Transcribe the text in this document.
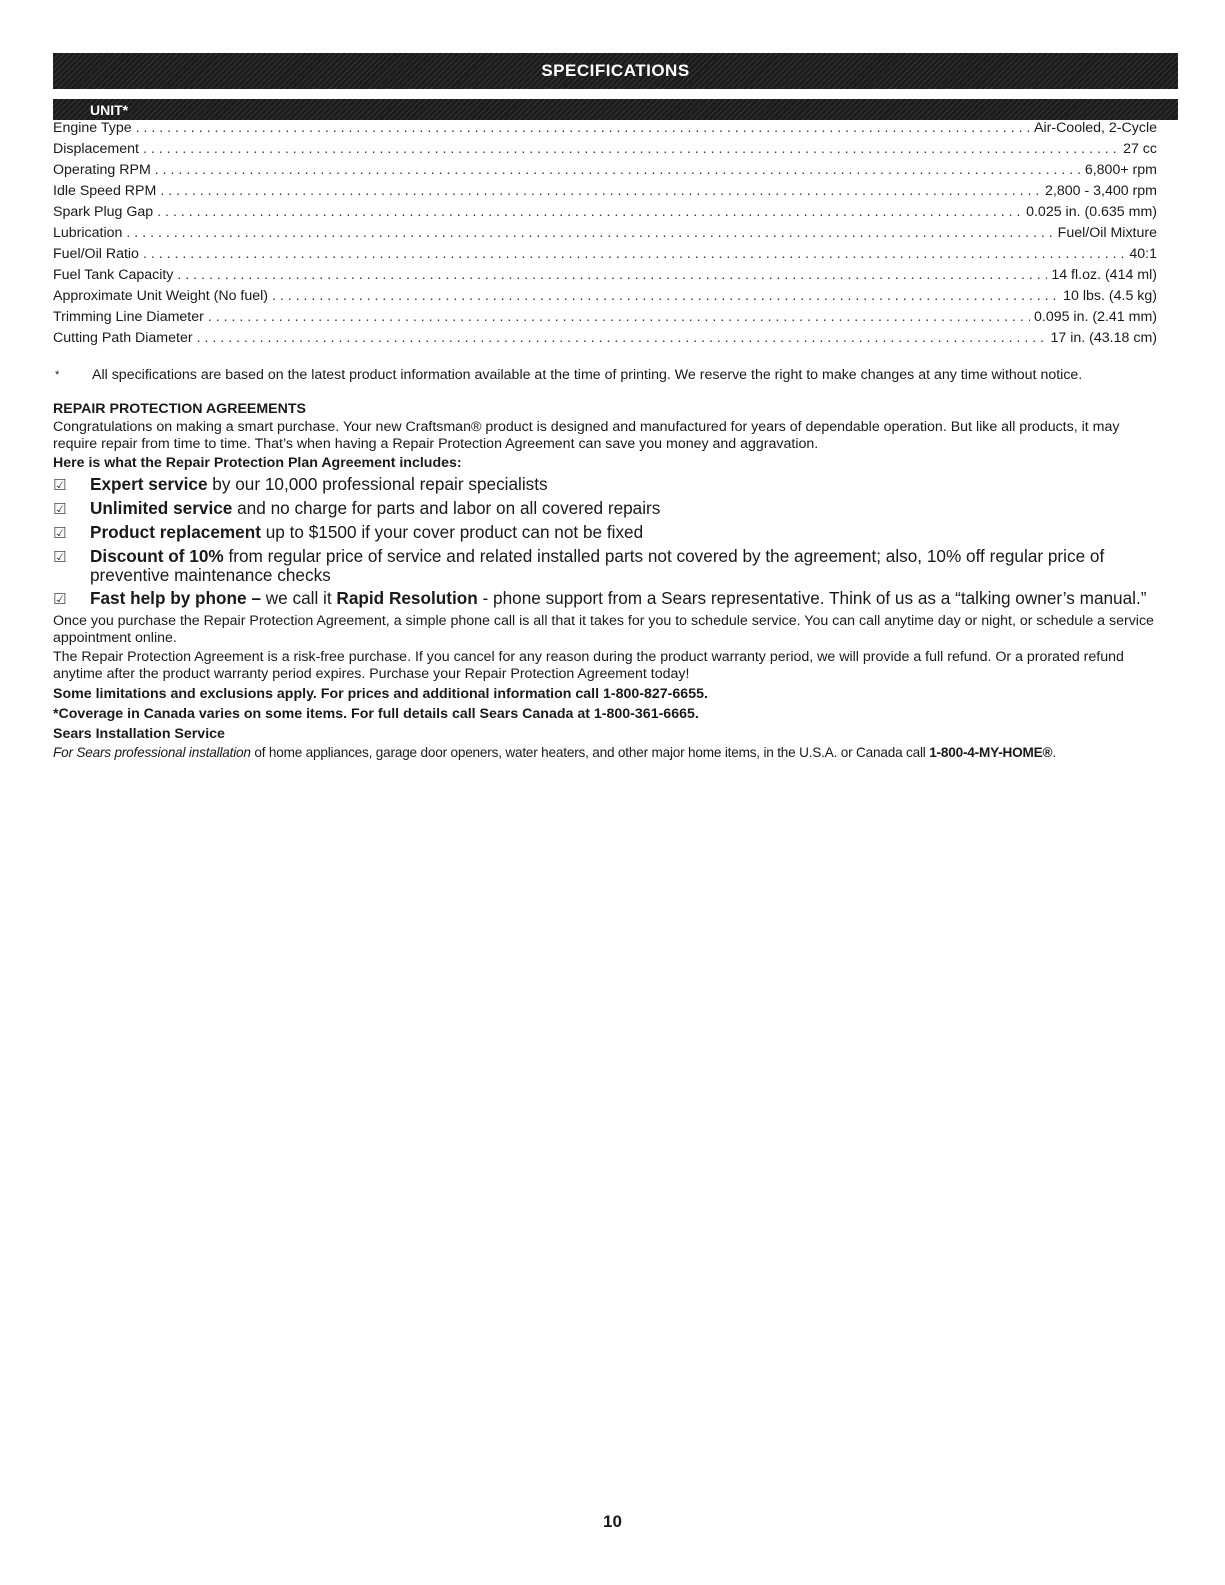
SPECIFICATIONS
UNIT*
Engine Type . . .	Air-Cooled, 2-Cycle
Displacement . . .	27 cc
Operating RPM . . .	6,800+ rpm
Idle Speed RPM . . .	2,800 - 3,400 rpm
Spark Plug Gap . . .	0.025 in. (0.635 mm)
Lubrication . . .	Fuel/Oil Mixture
Fuel/Oil Ratio . . .	40:1
Fuel Tank Capacity . . .	14 fl.oz. (414 ml)
Approximate Unit Weight (No fuel) . . .	10 lbs. (4.5 kg)
Trimming Line Diameter . . .	0.095 in. (2.41 mm)
Cutting Path Diameter . . .	17 in. (43.18 cm)
*	All specifications are based on the latest product information available at the time of printing. We reserve the right to make changes at any time without notice.
REPAIR PROTECTION AGREEMENTS
Congratulations on making a smart purchase. Your new Craftsman® product is designed and manufactured for years of dependable operation. But like all products, it may require repair from time to time. That’s when having a Repair Protection Agreement can save you money and aggravation.
Here is what the Repair Protection Plan Agreement includes:
☑	Expert service by our 10,000 professional repair specialists
☑	Unlimited service and no charge for parts and labor on all covered repairs
☑	Product replacement up to $1500 if your cover product can not be fixed
☑	Discount of 10% from regular price of service and related installed parts not covered by the agreement; also, 10% off regular price of preventive maintenance checks
☑	Fast help by phone – we call it Rapid Resolution - phone support from a Sears representative. Think of us as a “talking owner’s manual.”
Once you purchase the Repair Protection Agreement, a simple phone call is all that it takes for you to schedule service. You can call anytime day or night, or schedule a service appointment online.
The Repair Protection Agreement is a risk-free purchase. If you cancel for any reason during the product warranty period, we will provide a full refund. Or a prorated refund anytime after the product warranty period expires. Purchase your Repair Protection Agreement today!
Some limitations and exclusions apply. For prices and additional information call 1-800-827-6655.
*Coverage in Canada varies on some items. For full details call Sears Canada at 1-800-361-6665.
Sears Installation Service
For Sears professional installation of home appliances, garage door openers, water heaters, and other major home items, in the U.S.A. or Canada call 1-800-4-MY-HOME®.
10
